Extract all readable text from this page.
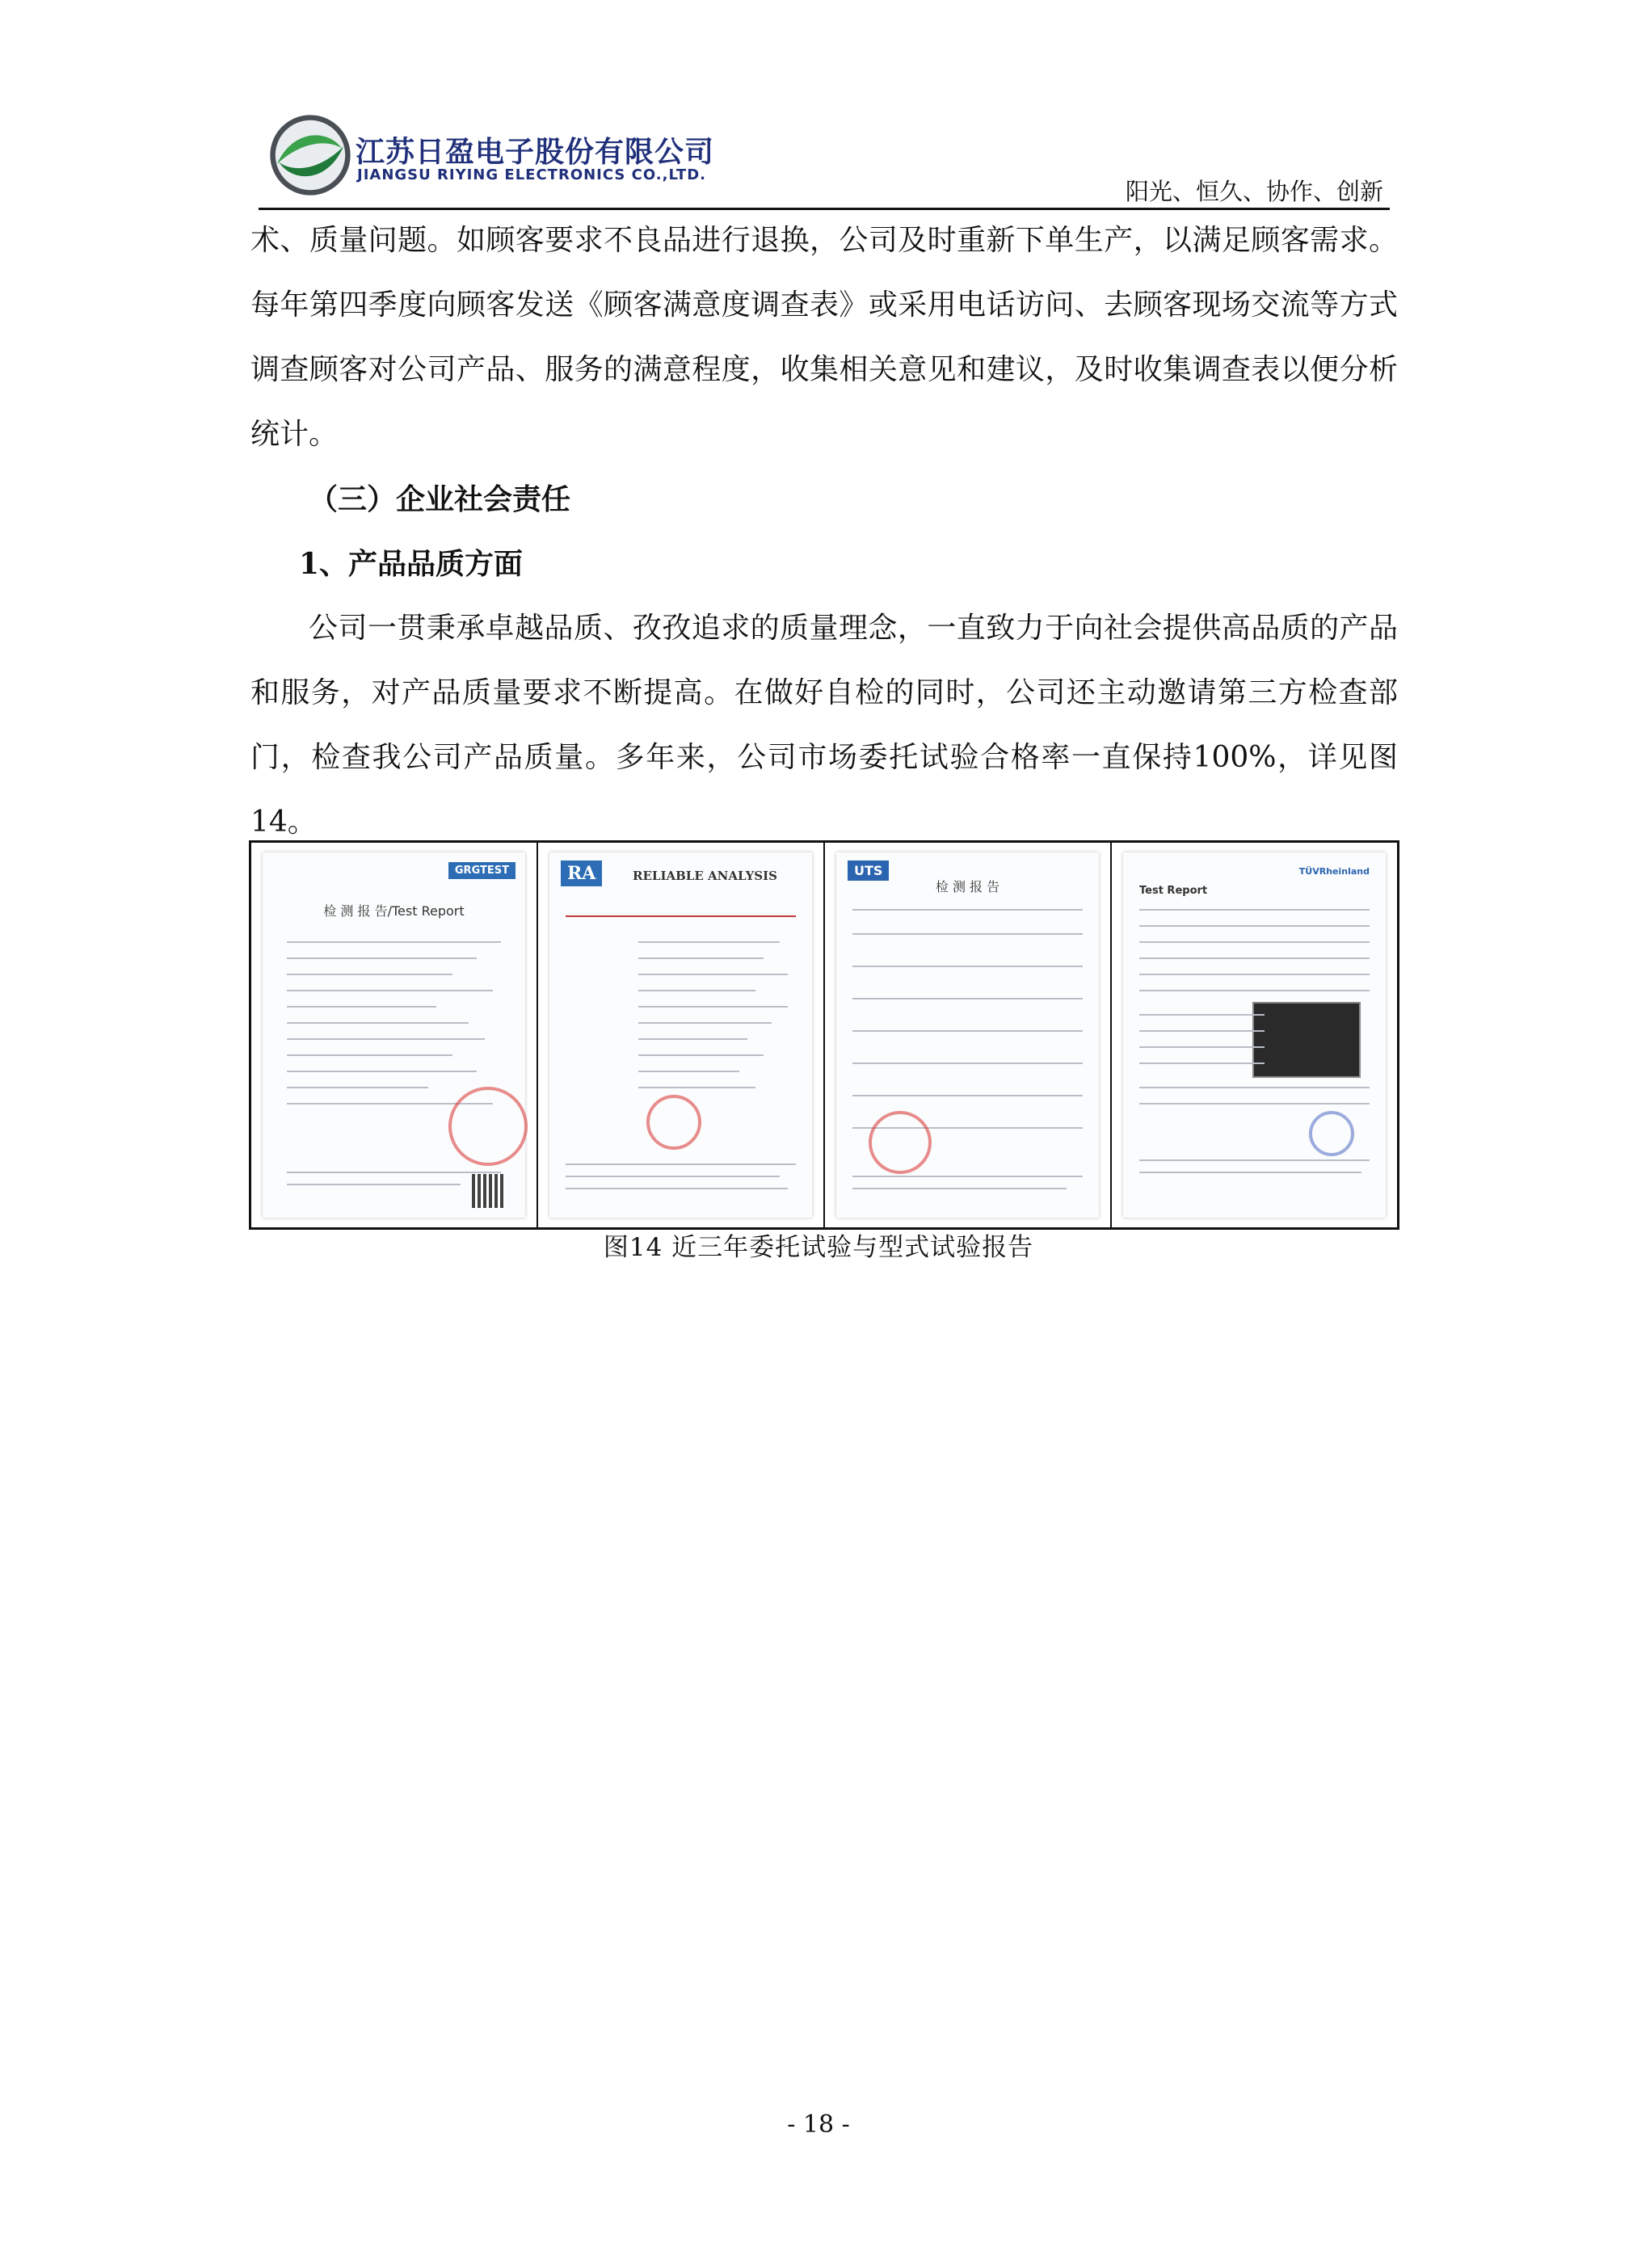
江苏日盈电子股份有限公司
JIANGSU RIYING ELECTRONICS CO.,LTD.
阳光、恒久、协作、创新

术、质量问题。如顾客要求不良品进行退换，公司及时重新下单生产，以满足顾客需求。每年第四季度向顾客发送《顾客满意度调查表》或采用电话访问、去顾客现场交流等方式调查顾客对公司产品、服务的满意程度，收集相关意见和建议，及时收集调查表以便分析统计。

（三）企业社会责任

1、产品品质方面

公司一贯秉承卓越品质、孜孜追求的质量理念，一直致力于向社会提供高品质的产品和服务，对产品质量要求不断提高。在做好自检的同时，公司还主动邀请第三方检查部门，检查我公司产品质量。多年来，公司市场委托试验合格率一直保持100%，详见图14。

GRGTEST
检 测 报 告/Test Report
RA	RELIABLE ANALYSIS	UTS
检 测 报 告
TÜVRheinland
Test Report
图14 近三年委托试验与型式试验报告
- 18 -
